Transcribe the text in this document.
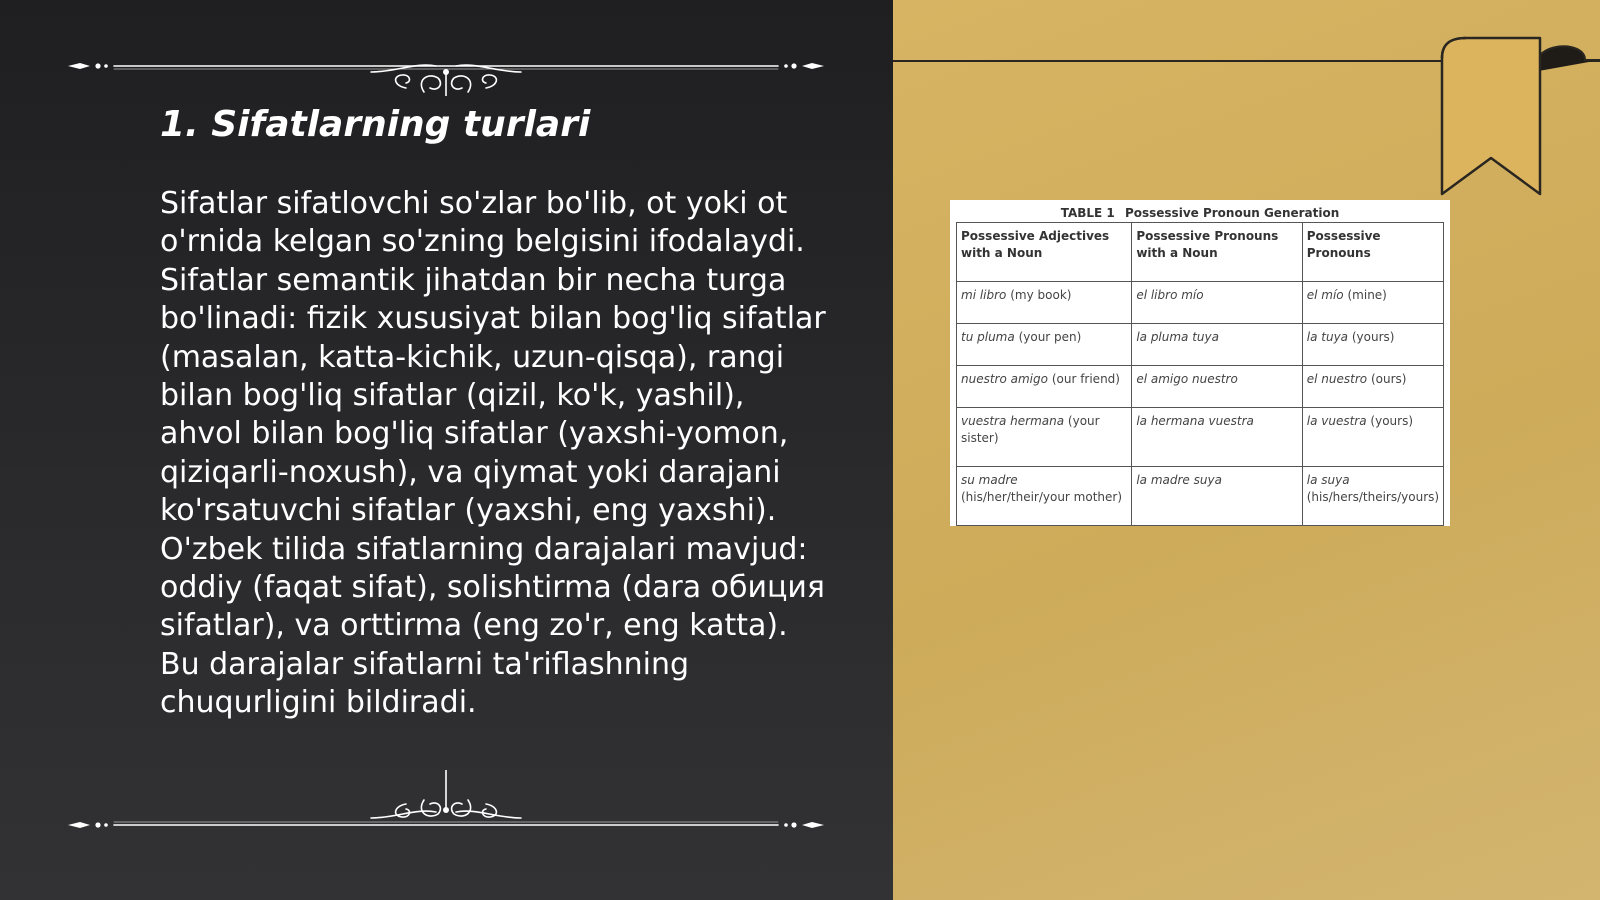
1. Sifatlarning turlari

Sifatlar sifatlovchi so'zlar bo'lib, ot yoki ot o'rnida kelgan so'zning belgisini ifodalaydi. Sifatlar semantik jihatdan bir necha turga bo'linadi: fizik xususiyat bilan bog'liq sifatlar (masalan, katta-kichik, uzun-qisqa), rangi bilan bog'liq sifatlar (qizil, ko'k, yashil), ahvol bilan bog'liq sifatlar (yaxshi-yomon, qiziqarli-noxush), va qiymat yoki darajani ko'rsatuvchi sifatlar (yaxshi, eng yaxshi). O'zbek tilida sifatlarning darajalari mavjud: oddiy (faqat sifat), solishtirma (dara обиция sifatlar), va orttirma (eng zo'r, eng katta). Bu darajalar sifatlarni ta'riflashning chuqurligini bildiradi.

TABLE 1 Possessive Pronoun Generation
Possessive Adjectives with a Noun	Possessive Pronouns with a Noun	Possessive Pronouns
mi libro (my book)	el libro mío	el mío (mine)
tu pluma (your pen)	la pluma tuya	la tuya (yours)
nuestro amigo (our friend)	el amigo nuestro	el nuestro (ours)
vuestra hermana (your sister)	la hermana vuestra	la vuestra (yours)
su madre (his/her/their/your mother)	la madre suya	la suya (his/hers/theirs/yours)
